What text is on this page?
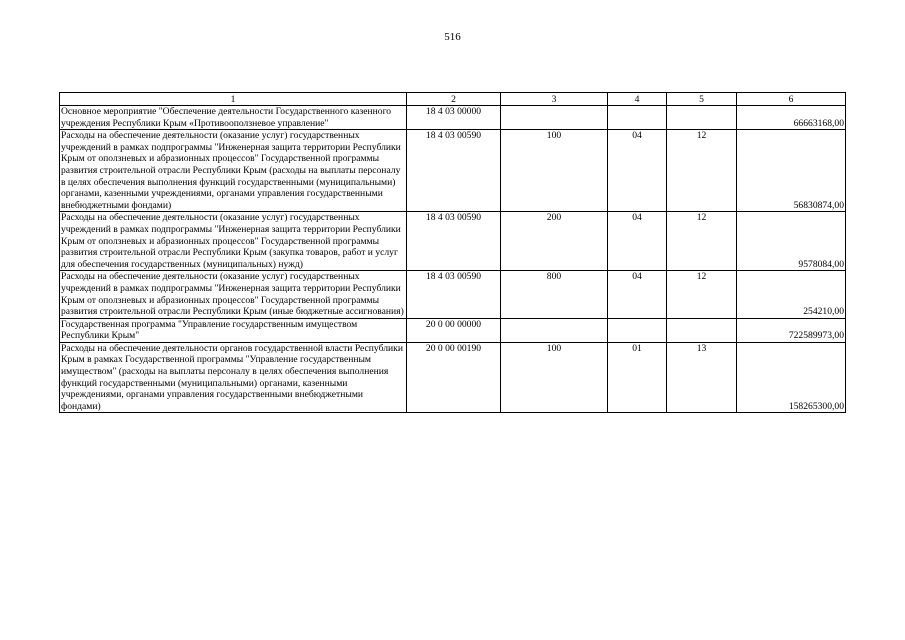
516
1	2	3	4	5	6
Основное мероприятие "Обеспечение деятельности Государственного казенного учреждения Республики Крым «Противооползневое управление"	18 4 03 00000				66663168,00
Расходы на обеспечение деятельности (оказание услуг) государственных учреждений в рамках подпрограммы "Инженерная защита территории Республики Крым от оползневых и абразионных процессов" Государственной программы развития строительной отрасли Республики Крым (расходы на выплаты персоналу в целях обеспечения выполнения функций государственными (муниципальными) органами, казенными учреждениями, органами управления государственными внебюджетными фондами)	18 4 03 00590	100	04	12	56830874,00
Расходы на обеспечение деятельности (оказание услуг) государственных учреждений в рамках подпрограммы "Инженерная защита территории Республики Крым от оползневых и абразионных процессов" Государственной программы развития строительной отрасли Республики Крым (закупка товаров, работ и услуг для обеспечения государственных (муниципальных) нужд)	18 4 03 00590	200	04	12	9578084,00
Расходы на обеспечение деятельности (оказание услуг) государственных учреждений в рамках подпрограммы "Инженерная защита территории Республики Крым от оползневых и абразионных процессов" Государственной программы развития строительной отрасли Республики Крым (иные бюджетные ассигнования)	18 4 03 00590	800	04	12	254210,00
Государственная программа "Управление государственным имуществом Республики Крым"	20 0 00 00000				722589973,00
Расходы на обеспечение деятельности органов государственной власти Республики Крым в рамках Государственной программы "Управление государственным имуществом" (расходы на выплаты персоналу в целях обеспечения выполнения функций государственными (муниципальными) органами, казенными учреждениями, органами управления государственными внебюджетными фондами)	20 0 00 00190	100	01	13	158265300,00
